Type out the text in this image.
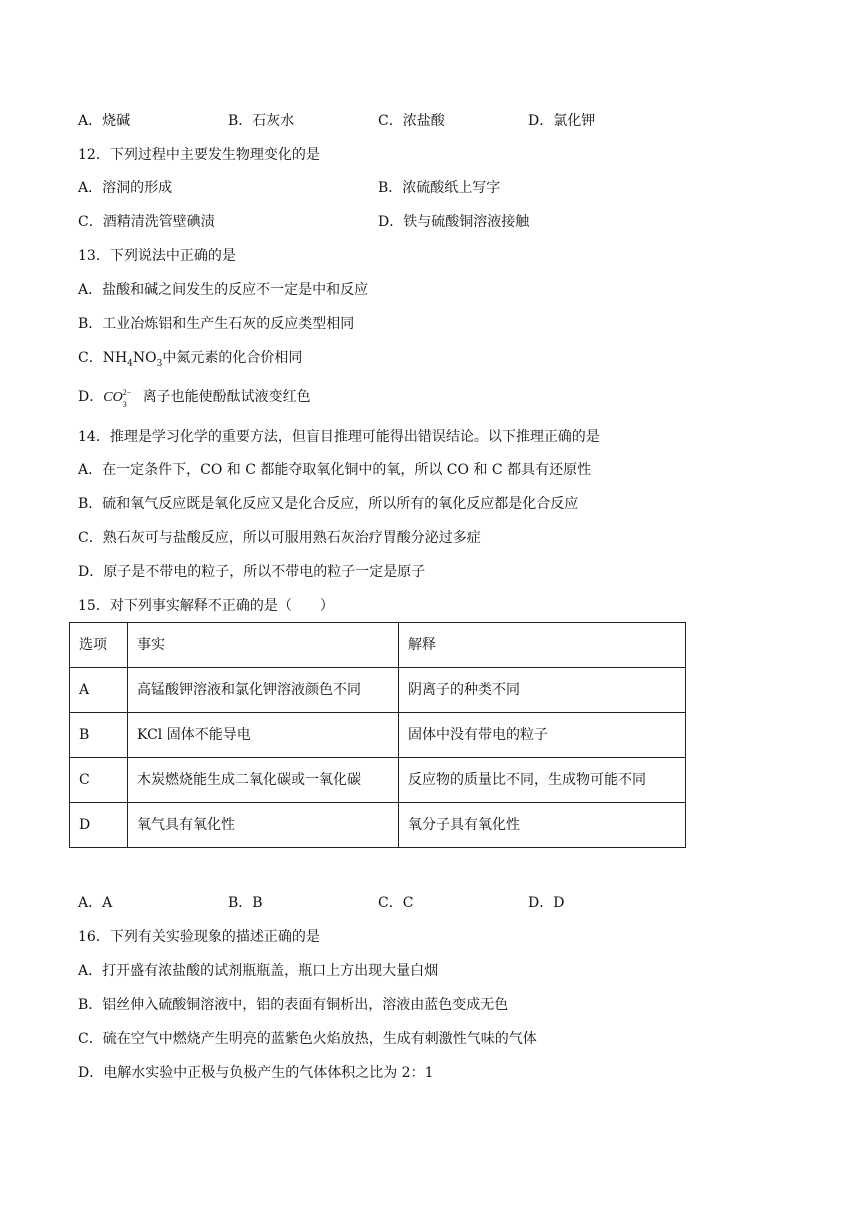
A．烧碱	B．石灰水	C．浓盐酸	D．氯化钾
12．下列过程中主要发生物理变化的是
A．溶洞的形成	B．浓硫酸纸上写字
C．酒精清洗管壁碘渍	D．铁与硫酸铜溶液接触
13．下列说法中正确的是
A．盐酸和碱之间发生的反应不一定是中和反应
B．工业冶炼铝和生产生石灰的反应类型相同
C．$NH_4NO_3$中氮元素的化合价相同
D．CO 2−
3 离子也能使酚酞试液变红色
14．推理是学习化学的重要方法，但盲目推理可能得出错误结论。以下推理正确的是
A．在一定条件下，CO 和 C 都能夺取氧化铜中的氧，所以 CO 和 C 都具有还原性
B．硫和氧气反应既是氧化反应又是化合反应，所以所有的氧化反应都是化合反应
C．熟石灰可与盐酸反应，所以可服用熟石灰治疗胃酸分泌过多症
D．原子是不带电的粒子，所以不带电的粒子一定是原子
15．对下列事实解释不正确的是（　　）
选项	事实	解释
A	高锰酸钾溶液和氯化钾溶液颜色不同	阴离子的种类不同
B	KCl 固体不能导电	固体中没有带电的粒子
C	木炭燃烧能生成二氧化碳或一氧化碳	反应物的质量比不同，生成物可能不同
D	氧气具有氧化性	氧分子具有氧化性
A．A	B．B	C．C	D．D
16．下列有关实验现象的描述正确的是
A．打开盛有浓盐酸的试剂瓶瓶盖，瓶口上方出现大量白烟
B．铝丝伸入硫酸铜溶液中，铝的表面有铜析出，溶液由蓝色变成无色
C．硫在空气中燃烧产生明亮的蓝紫色火焰放热，生成有刺激性气味的气体
D．电解水实验中正极与负极产生的气体体积之比为 2：1
